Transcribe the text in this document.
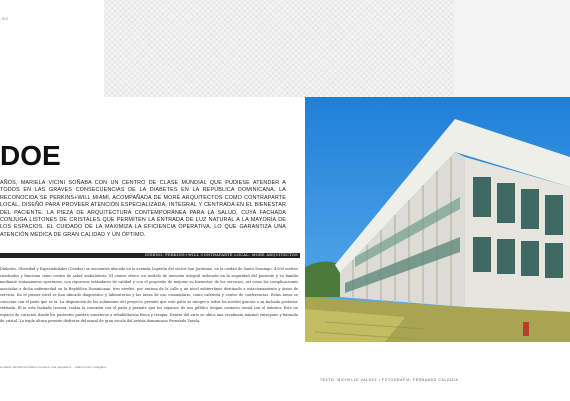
·52
DOE
AÑOS, MARIELA VICINI SOÑABA CON UN CENTRO DE CLASE MUNDIAL QUE PUDIESE ATENDER A TODOS EN LAS GRAVES CONSECUENCIAS DE LA DIABETES EN LA REPÚBLICA DOMINICANA. LA RECONOCIDA SE PERKINS+WILL MIAMI, ACOMPAÑADA DE MORÉ ARQUITECTOS COMO CONTRAPARTE LOCAL, DISEÑÓ PARA PROVEER ATENCIÓN ESPECIALIZADA, INTEGRAL Y CENTRADA EN EL BIENESTAR DEL PACIENTE. LA PIEZA DE ARQUITECTURA CONTEMPORÁNEA PARA LA SALUD, CUYA FACHADA CONJUGA LISTONES DE CRISTALES QUE PERMITEN LA ENTRADA DE LUZ NATURAL A LA MAYORÍA DE LOS ESPACIOS. EL CUIDADO DE LA MAXIMIZA LA EFICIENCIA OPERATIVA, LO QUE GARANTIZA UNA ATENCIÓN MÉDICA DE GRAN CALIDAD Y UN ÓPTIMO.
DISEÑO: PERKINS+WILL CONTRAPARTE LOCAL: MORÉ ARQUITECTOS
Diabetes, Obesidad y Especialidades (Cendoe) se encuentra ubicado en la avenida Luperón del sector San Jerónimo, en la ciudad de Santo Domingo. 4,000 metros cuadrados y funciona como centro de salud ambulatorio. El centro ofrece un modelo de atención integral enfocado en la seguridad del paciente y su familia mediante tratamientos oportunos, con rigurosos estándares de calidad y con el propósito de mejorar su bienestar. de los servicios, así como las complicaciones asociadas a dicha enfermedad en la República Dominicana. tres niveles: por encima de la calle y un nivel subterráneo destinado a estacionamiento y áreas de servicio. En el primer nivel se han ubicado diagnóstico y laboratorios y las áreas de uso comunitario, como cafetería y centro de conferencias. Estas áreas se conectan con el patio que se la. La disposición de los volúmenes del proyecto permite que este patio se integre a todos los niveles gracias a su fachada posterior vidriada. El ia esta fachada trasera, realza la conexión con el patio y permite que los espacios de uso público tengan contacto visual con el exterior. Este un espacio de curación donde los pacientes pueden someterse a rehabilitación física y terapia. Dentro del atrio se ubica una escalinata mármol entrepaño y baranda de cristal. La triple altura permite disfrutar del mural de gran escala del artista dominicano Fernando Varela.
al diseño del Mármol Marmo mariano; una pequeña a ... Marmol Gris; arcaglavo
TEXTO: MICHELLE VALDEZ • FOTOGRAFÍA: FERNANDO CALZADA
